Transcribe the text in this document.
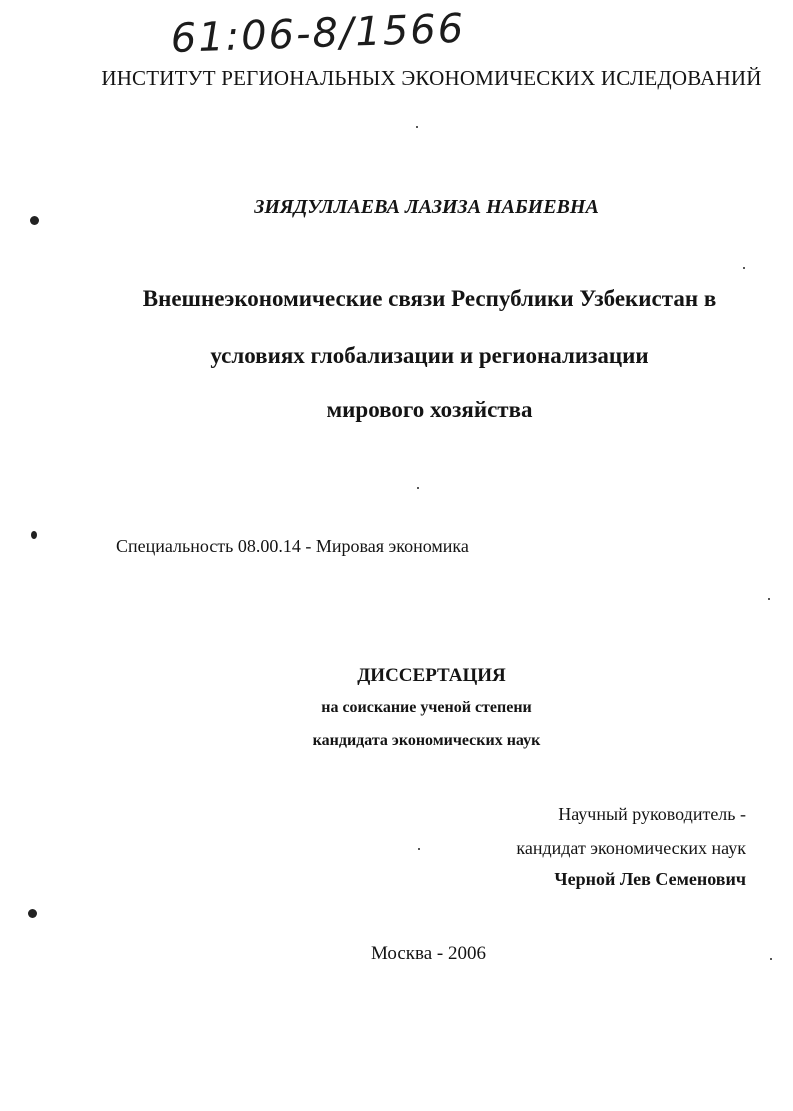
61:06-8/1566
ИНСТИТУТ РЕГИОНАЛЬНЫХ ЭКОНОМИЧЕСКИХ ИСЛЕДОВАНИЙ
ЗИЯДУЛЛАЕВА ЛАЗИЗА НАБИЕВНА
Внешнеэкономические связи Республики Узбекистан в
условиях глобализации и регионализации
мирового хозяйства
Специальность 08.00.14 - Мировая экономика
ДИССЕРТАЦИЯ
на соискание ученой степени
кандидата экономических наук
Научный руководитель -
кандидат экономических наук
Черной Лев Семенович
Москва - 2006
